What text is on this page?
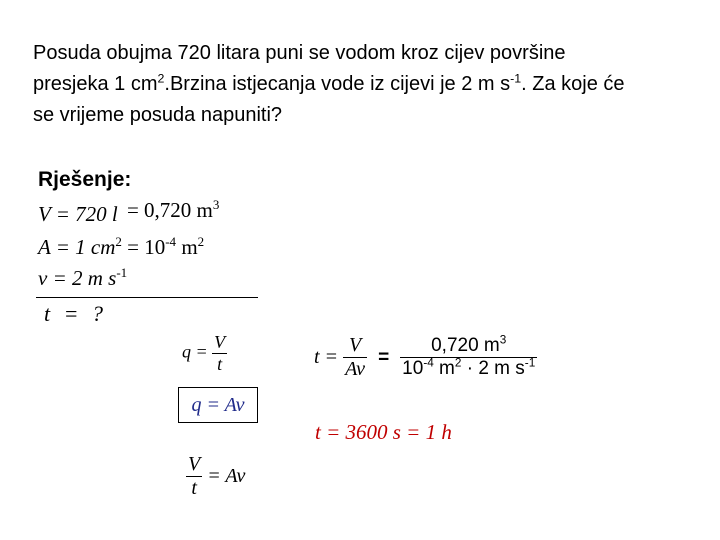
Posuda obujma 720 litara puni se vodom kroz cijev površine
presjeka 1 $cm^2.Brzina$ istjecanja vode iz cijevi je 2 m $s^{-1}$. Za koje će
se vrijeme posuda napuniti?
Rješenje:
V = 720 l = 0,720 $m^3$
A = 1 $cm^2 = 10^{-4}$ $m^2$
v = 2 m $s^{-1}$
t = ?
$q = \frac{V}{t}$
q = Av
$\frac{V}{t} = Av$
$t = \frac{V}{Av} = \frac{0,720 m^3}{10^{-4} m^2 \cdot 2 m s^{-1}}$
t = 3600 s = 1 h
